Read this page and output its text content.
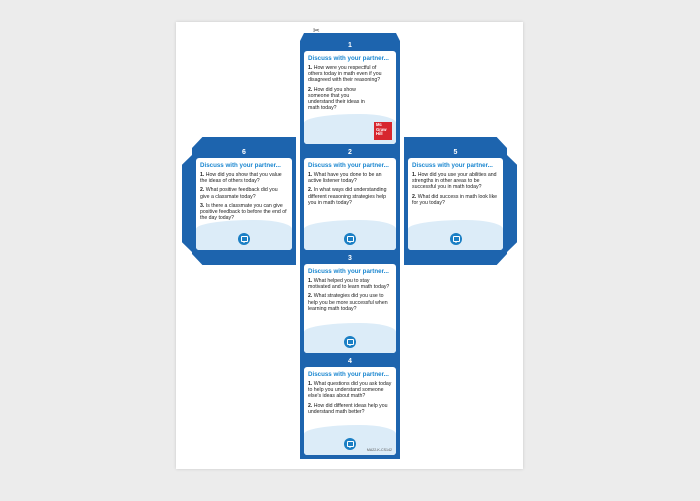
1
Discuss with your partner...
1. How were you respectful of others today in math even if you disagreed with their reasoning?
2. How did you show someone that you understand their ideas in math today?
Mc
Graw
Hill
6
Discuss with your partner...
1. How did you show that you value the ideas of others today?
2. What positive feedback did you give a classmate today?
3. Is there a classmate you can give positive feedback to before the end of the day today?
2
Discuss with your partner...
1. What have you done to be an active listener today?
2. In what ways did understanding different reasoning strategies help you in math today?
5
Discuss with your partner...
1. How did you use your abilities and strengths in other areas to be successful you in math today?
2. What did success in math look like for you today?
3
Discuss with your partner...
1. What helped you to stay motivated and to learn math today?
2. What strategies did you use to help you be more successful when learning math today?
4
Discuss with your partner...
1. What questions did you ask today to help you understand someone else's ideas about math?
2. How did different ideas help you understand math better?
MA22-K-CS142
✂
